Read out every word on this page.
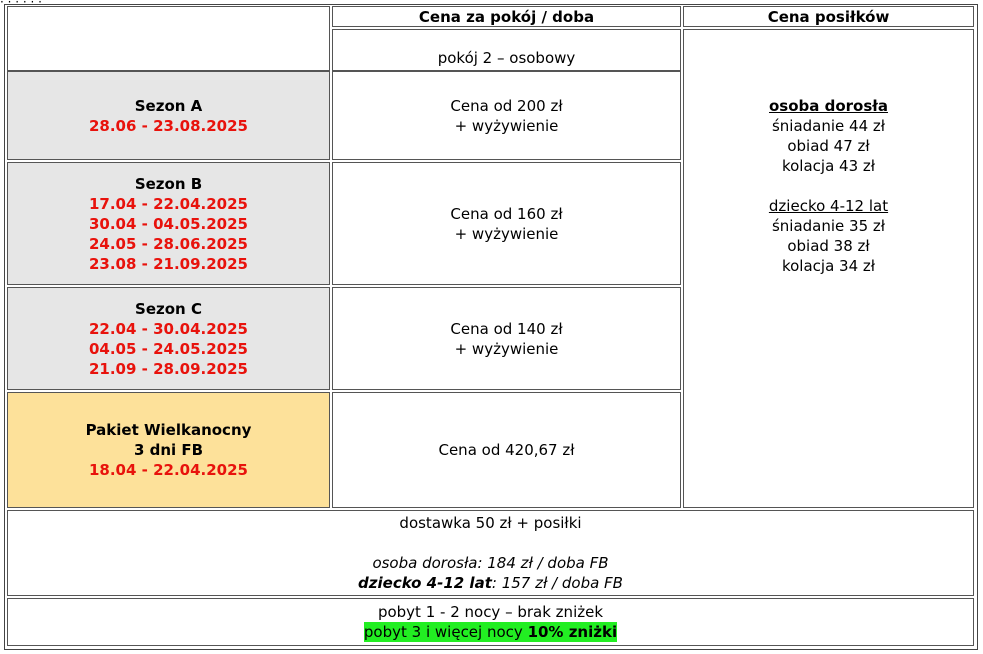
· · · · · ·
Cena za pokój / doba	Cena posiłków
pokój 2 – osobowy
osoba dorosła
śniadanie 44 zł
obiad 47 zł
kolacja 43 zł
dziecko 4-12 lat
śniadanie 35 zł
obiad 38 zł
kolacja 34 zł
Sezon A
28.06 - 23.08.2025
Cena od 200 zł
+ wyżywienie
Sezon B
17.04 - 22.04.2025
30.04 - 04.05.2025
24.05 - 28.06.2025
23.08 - 21.09.2025
Cena od 160 zł
+ wyżywienie
Sezon C
22.04 - 30.04.2025
04.05 - 24.05.2025
21.09 - 28.09.2025
Cena od 140 zł
+ wyżywienie
Pakiet Wielkanocny
3 dni FB
18.04 - 22.04.2025
Cena od 420,67 zł
dostawka 50 zł + posiłki
osoba dorosła: 184 zł / doba FB
dziecko 4-12 lat: 157 zł / doba FB
pobyt 1 - 2 nocy – brak zniżek
pobyt 3 i więcej nocy 10% zniżki
